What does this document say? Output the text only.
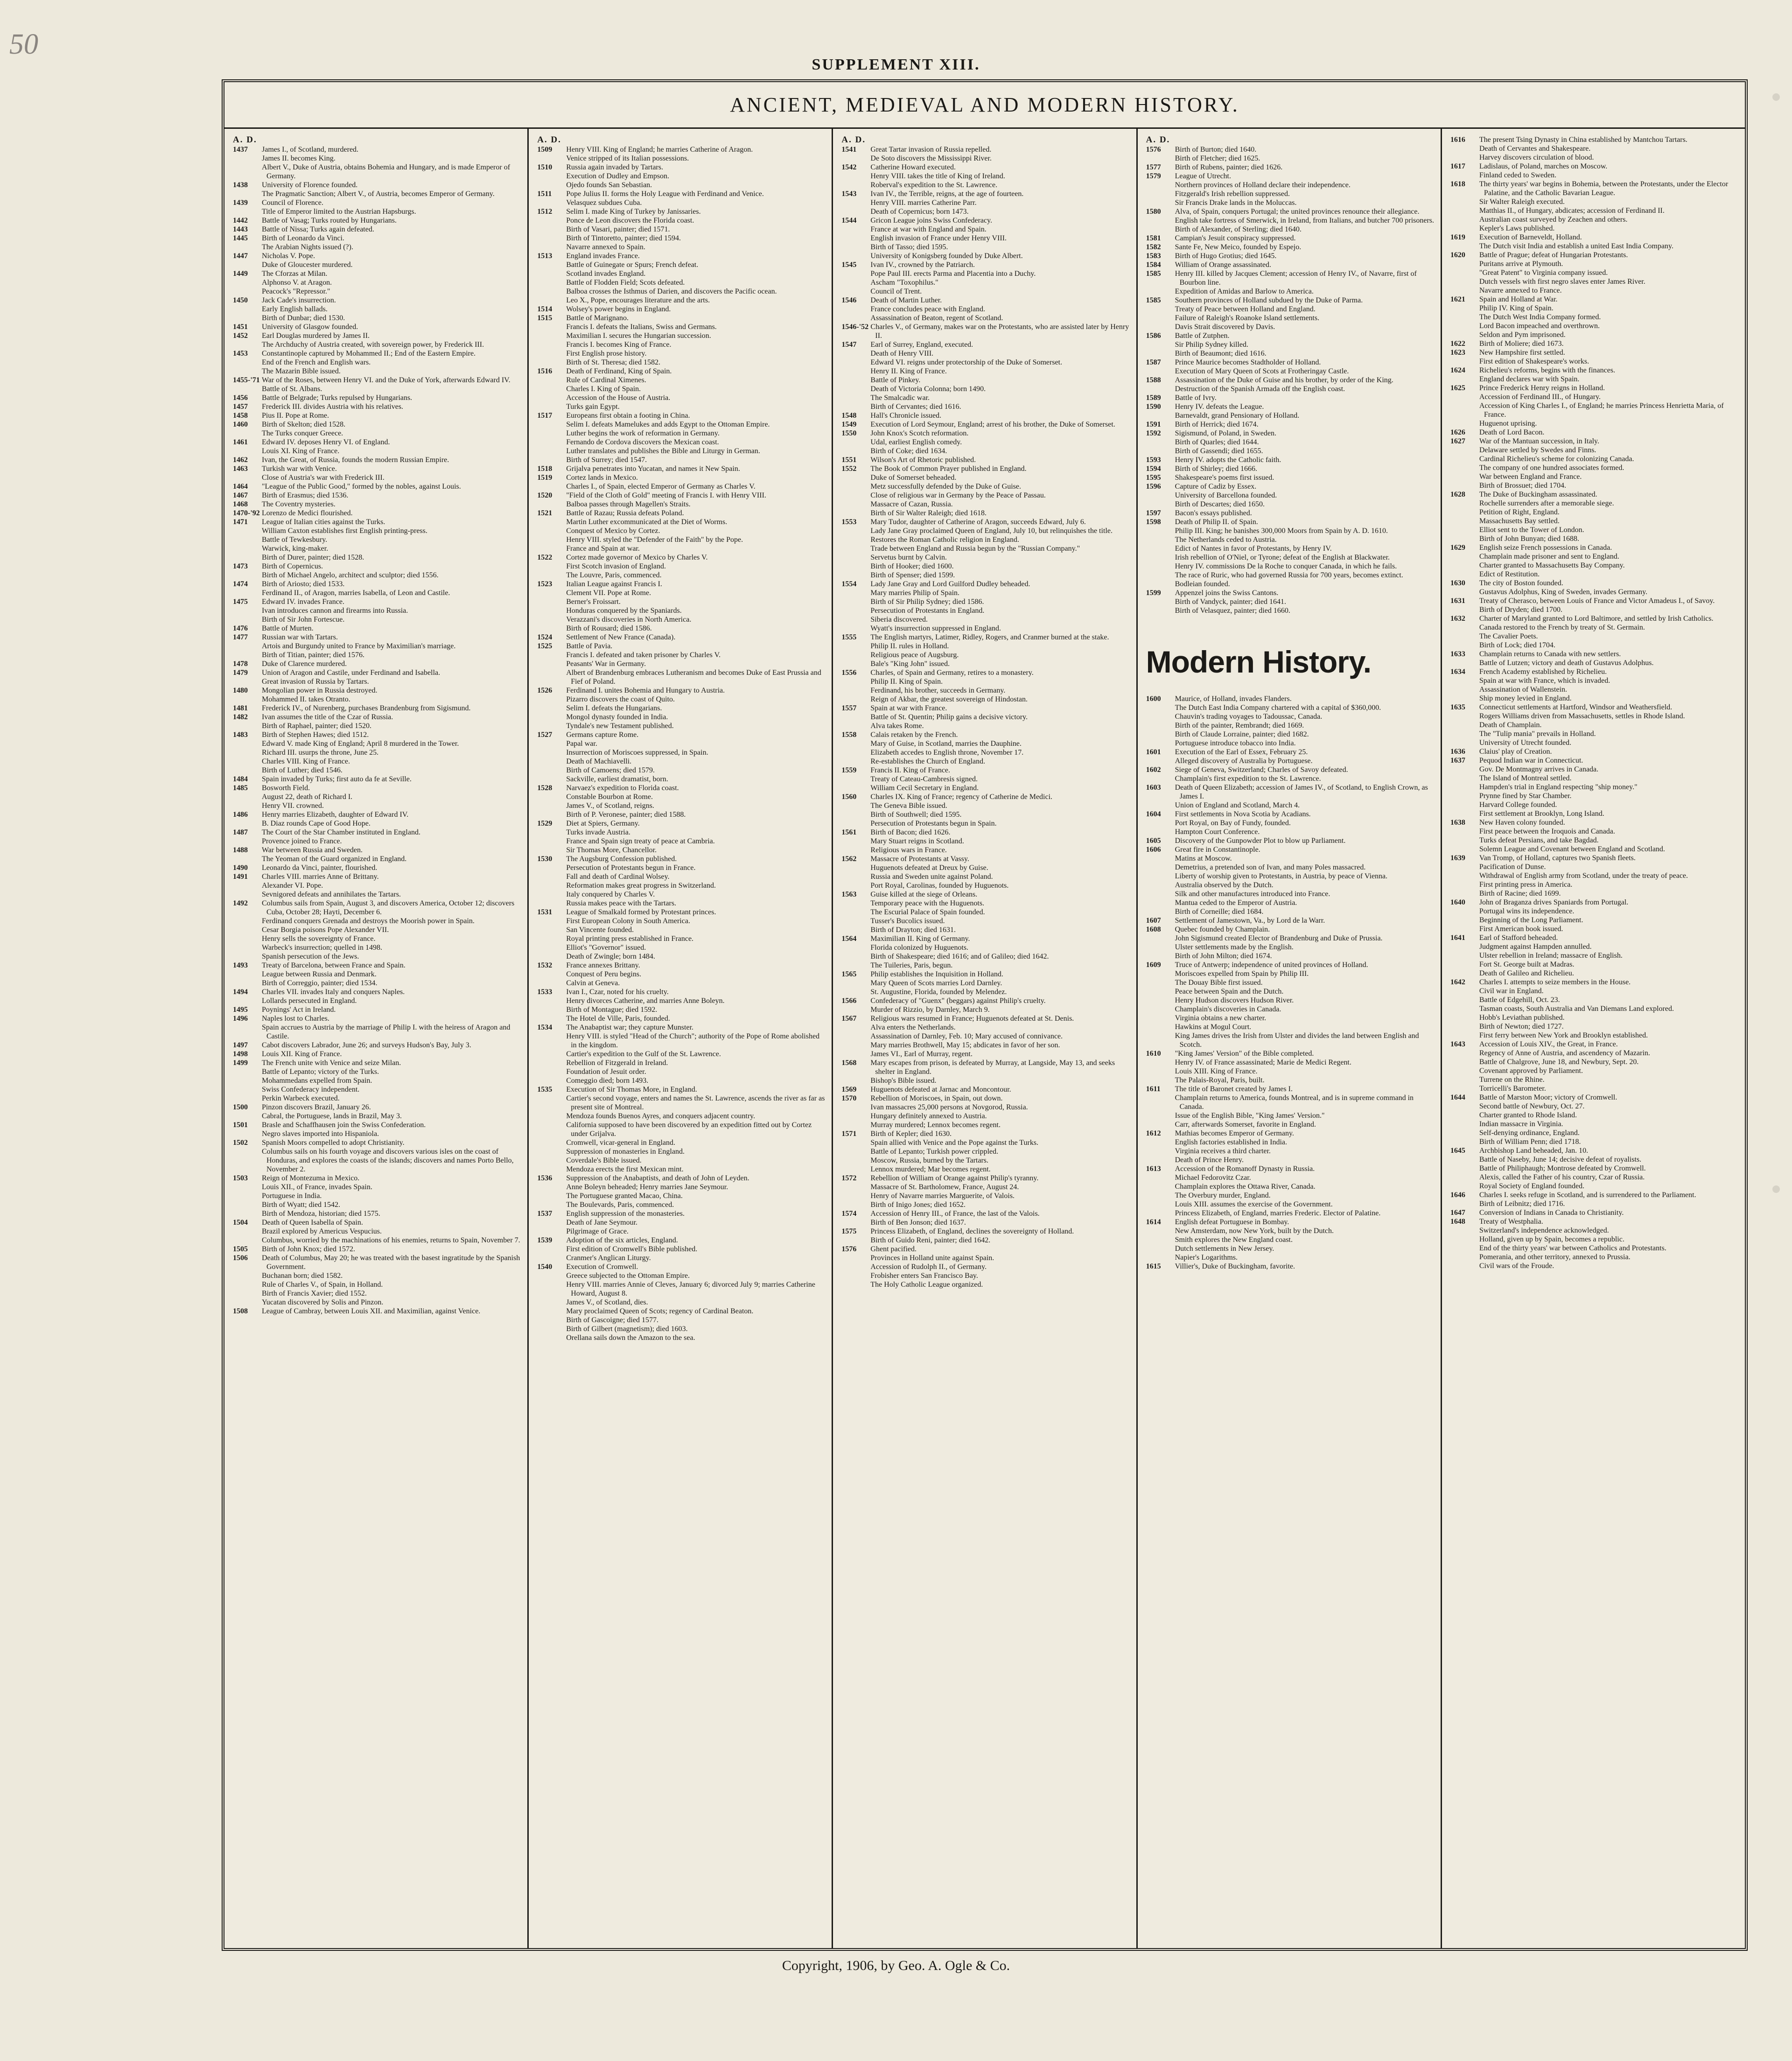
50
SUPPLEMENT XIII.
ANCIENT, MEDIEVAL AND MODERN HISTORY.
A. D.
1437	James I., of Scotland, murdered.
James II. becomes King.
Albert V., Duke of Austria, obtains Bohemia and Hungary, and is made Emperor of Germany.
1438	University of Florence founded.
The Pragmatic Sanction; Albert V., of Austria, becomes Emperor of Germany.
1439	Council of Florence.
Title of Emperor limited to the Austrian Hapsburgs.
1442	Battle of Vasag; Turks routed by Hungarians.
1443	Battle of Nissa; Turks again defeated.
1445	Birth of Leonardo da Vinci.
The Arabian Nights issued (?).
1447	Nicholas V. Pope.
Duke of Gloucester murdered.
1449	The Cforzas at Milan.
Alphonso V. at Aragon.
Peacock's "Repressor."
1450	Jack Cade's insurrection.
Early English ballads.
Birth of Dunbar; died 1530.
1451	University of Glasgow founded.
1452	Earl Douglas murdered by James II.
The Archduchy of Austria created, with sovereign power, by Frederick III.
1453	Constantinople captured by Mohammed II.; End of the Eastern Empire.
End of the French and English wars.
The Mazarin Bible issued.
1455-'71 War of the Roses, between Henry VI. and the Duke of York, afterwards Edward IV.
Battle of St. Albans.
1456	Battle of Belgrade; Turks repulsed by Hungarians.
1457	Frederick III. divides Austria with his relatives.
1458	Pius II. Pope at Rome.
1460	Birth of Skelton; died 1528.
The Turks conquer Greece.
1461	Edward IV. deposes Henry VI. of England.
Louis XI. King of France.
1462	Ivan, the Great, of Russia, founds the modern Russian Empire.
1463	Turkish war with Venice.
Close of Austria's war with Frederick III.
1464	"League of the Public Good," formed by the nobles, against Louis.
1467	Birth of Erasmus; died 1536.
1468	The Coventry mysteries.
1470-'92 Lorenzo de Medici flourished.
1471	League of Italian cities against the Turks.
William Caxton establishes first English printing-press.
Battle of Tewkesbury.
Warwick, king-maker.
Birth of Durer, painter; died 1528.
1473	Birth of Copernicus.
Birth of Michael Angelo, architect and sculptor; died 1556.
1474	Birth of Ariosto; died 1533.
Ferdinand II., of Aragon, marries Isabella, of Leon and Castile.
1475	Edward IV. invades France.
Ivan introduces cannon and firearms into Russia.
Birth of Sir John Fortescue.
1476	Battle of Murten.
1477	Russian war with Tartars.
Artois and Burgundy united to France by Maximilian's marriage.
Birth of Titian, painter; died 1576.
1478	Duke of Clarence murdered.
1479	Union of Aragon and Castile, under Ferdinand and Isabella.
Great invasion of Russia by Tartars.
1480	Mongolian power in Russia destroyed.
Mohammed II. takes Otranto.
1481	Frederick IV., of Nurenberg, purchases Brandenburg from Sigismund.
1482	Ivan assumes the title of the Czar of Russia.
Birth of Raphael, painter; died 1520.
1483	Birth of Stephen Hawes; died 1512.
Edward V. made King of England; April 8 murdered in the Tower.
Richard III. usurps the throne, June 25.
Charles VIII. King of France.
Birth of Luther; died 1546.
1484	Spain invaded by Turks; first auto da fe at Seville.
1485	Bosworth Field.
August 22, death of Richard I.
Henry VII. crowned.
1486	Henry marries Elizabeth, daughter of Edward IV.
B. Diaz rounds Cape of Good Hope.
1487	The Court of the Star Chamber instituted in England.
Provence joined to France.
1488	War between Russia and Sweden.
The Yeoman of the Guard organized in England.
1490	Leonardo da Vinci, painter, flourished.
1491	Charles VIII. marries Anne of Brittany.
Alexander VI. Pope.
Sevnigored defeats and annihilates the Tartars.
1492	Columbus sails from Spain, August 3, and discovers America, October 12; discovers Cuba, October 28; Hayti, December 6.
Ferdinand conquers Grenada and destroys the Moorish power in Spain.
Cesar Borgia poisons Pope Alexander VII.
Henry sells the sovereignty of France.
Warbeck's insurrection; quelled in 1498.
Spanish persecution of the Jews.
1493	Treaty of Barcelona, between France and Spain.
League between Russia and Denmark.
Birth of Correggio, painter; died 1534.
1494	Charles VII. invades Italy and conquers Naples.
Lollards persecuted in England.
1495	Poynings' Act in Ireland.
1496	Naples lost to Charles.
Spain accrues to Austria by the marriage of Philip I. with the heiress of Aragon and Castile.
1497	Cabot discovers Labrador, June 26; and surveys Hudson's Bay, July 3.
1498	Louis XII. King of France.
1499	The French unite with Venice and seize Milan.
Battle of Lepanto; victory of the Turks.
Mohammedans expelled from Spain.
Swiss Confederacy independent.
Perkin Warbeck executed.
1500	Pinzon discovers Brazil, January 26.
Cabral, the Portuguese, lands in Brazil, May 3.
1501	Brasle and Schaffhausen join the Swiss Confederation.
Negro slaves imported into Hispaniola.
1502	Spanish Moors compelled to adopt Christianity.
Columbus sails on his fourth voyage and discovers various isles on the coast of Honduras, and explores the coasts of the islands; discovers and names Porto Bello, November 2.
1503	Reign of Montezuma in Mexico.
Louis XII., of France, invades Spain.
Portuguese in India.
Birth of Wyatt; died 1542.
Birth of Mendoza, historian; died 1575.
1504	Death of Queen Isabella of Spain.
Brazil explored by Americus Vespucius.
Columbus, worried by the machinations of his enemies, returns to Spain, November 7.
1505	Birth of John Knox; died 1572.
1506	Death of Columbus, May 20; he was treated with the basest ingratitude by the Spanish Government.
Buchanan born; died 1582.
Rule of Charles V., of Spain, in Holland.
Birth of Francis Xavier; died 1552.
Yucatan discovered by Solis and Pinzon.
1508	League of Cambray, between Louis XII. and Maximilian, against Venice.
A. D.
1509	Henry VIII. King of England; he marries Catherine of Aragon.
Venice stripped of its Italian possessions.
1510	Russia again invaded by Tartars.
Execution of Dudley and Empson.
Ojedo founds San Sebastian.
1511	Pope Julius II. forms the Holy League with Ferdinand and Venice.
Velasquez subdues Cuba.
1512	Selim I. made King of Turkey by Janissaries.
Ponce de Leon discovers the Florida coast.
Birth of Vasari, painter; died 1571.
Birth of Tintoretto, painter; died 1594.
Navarre annexed to Spain.
1513	England invades France.
Battle of Guinegate or Spurs; French defeat.
Scotland invades England.
Battle of Flodden Field; Scots defeated.
Balboa crosses the Isthmus of Darien, and discovers the Pacific ocean.
Leo X., Pope, encourages literature and the arts.
1514	Wolsey's power begins in England.
1515	Battle of Marignano.
Francis I. defeats the Italians, Swiss and Germans.
Maximilian I. secures the Hungarian succession.
Francis I. becomes King of France.
First English prose history.
Birth of St. Theresa; died 1582.
1516	Death of Ferdinand, King of Spain.
Rule of Cardinal Ximenes.
Charles I. King of Spain.
Accession of the House of Austria.
Turks gain Egypt.
1517	Europeans first obtain a footing in China.
Selim I. defeats Mamelukes and adds Egypt to the Ottoman Empire.
Luther begins the work of reformation in Germany.
Fernando de Cordova discovers the Mexican coast.
Luther translates and publishes the Bible and Liturgy in German.
Birth of Surrey; died 1547.
1518	Grijalva penetrates into Yucatan, and names it New Spain.
1519	Cortez lands in Mexico.
Charles I., of Spain, elected Emperor of Germany as Charles V.
1520	"Field of the Cloth of Gold" meeting of Francis I. with Henry VIII.
Balboa passes through Magellen's Straits.
1521	Battle of Razau; Russia defeats Poland.
Martin Luther excommunicated at the Diet of Worms.
Conquest of Mexico by Cortez.
Henry VIII. styled the "Defender of the Faith" by the Pope.
France and Spain at war.
1522	Cortez made governor of Mexico by Charles V.
First Scotch invasion of England.
The Louvre, Paris, commenced.
1523	Italian League against Francis I.
Clement VII. Pope at Rome.
Berner's Froissart.
Honduras conquered by the Spaniards.
Verazzani's discoveries in North America.
Birth of Rousard; died 1586.
1524	Settlement of New France (Canada).
1525	Battle of Pavia.
Francis I. defeated and taken prisoner by Charles V.
Peasants' War in Germany.
Albert of Brandenburg embraces Lutheranism and becomes Duke of East Prussia and Fief of Poland.
1526	Ferdinand I. unites Bohemia and Hungary to Austria.
Pizarro discovers the coast of Quito.
Selim I. defeats the Hungarians.
Mongol dynasty founded in India.
Tyndale's new Testament published.
1527	Germans capture Rome.
Papal war.
Insurrection of Moriscoes suppressed, in Spain.
Death of Machiavelli.
Birth of Camoens; died 1579.
Sackville, earliest dramatist, born.
1528	Narvaez's expedition to Florida coast.
Constable Bourbon at Rome.
James V., of Scotland, reigns.
Birth of P. Veronese, painter; died 1588.
1529	Diet at Spiers, Germany.
Turks invade Austria.
France and Spain sign treaty of peace at Cambria.
Sir Thomas More, Chancellor.
1530	The Augsburg Confession published.
Persecution of Protestants begun in France.
Fall and death of Cardinal Wolsey.
Reformation makes great progress in Switzerland.
Italy conquered by Charles V.
Russia makes peace with the Tartars.
1531	League of Smalkald formed by Protestant princes.
First European Colony in South America.
San Vincente founded.
Royal printing press established in France.
Elliot's "Governor" issued.
Death of Zwingle; born 1484.
1532	France annexes Brittany.
Conquest of Peru begins.
Calvin at Geneva.
1533	Ivan I., Czar, noted for his cruelty.
Henry divorces Catherine, and marries Anne Boleyn.
Birth of Montague; died 1592.
The Hotel de Ville, Paris, founded.
1534	The Anabaptist war; they capture Munster.
Henry VIII. is styled "Head of the Church"; authority of the Pope of Rome abolished in the kingdom.
Cartier's expedition to the Gulf of the St. Lawrence.
Rebellion of Fitzgerald in Ireland.
Foundation of Jesuit order.
Comeggio died; born 1493.
1535	Execution of Sir Thomas More, in England.
Cartier's second voyage, enters and names the St. Lawrence, ascends the river as far as present site of Montreal.
Mendoza founds Buenos Ayres, and conquers adjacent country.
California supposed to have been discovered by an expedition fitted out by Cortez under Grijalva.
Cromwell, vicar-general in England.
Suppression of monasteries in England.
Coverdale's Bible issued.
Mendoza erects the first Mexican mint.
1536	Suppression of the Anabaptists, and death of John of Leyden.
Anne Boleyn beheaded; Henry marries Jane Seymour.
The Portuguese granted Macao, China.
The Boulevards, Paris, commenced.
1537	English suppression of the monasteries.
Death of Jane Seymour.
Pilgrimage of Grace.
1539	Adoption of the six articles, England.
First edition of Cromwell's Bible published.
Cranmer's Anglican Liturgy.
1540	Execution of Cromwell.
Greece subjected to the Ottoman Empire.
Henry VIII. marries Annie of Cleves, January 6; divorced July 9; marries Catherine Howard, August 8.
James V., of Scotland, dies.
Mary proclaimed Queen of Scots; regency of Cardinal Beaton.
Birth of Gascoigne; died 1577.
Birth of Gilbert (magnetism); died 1603.
Orellana sails down the Amazon to the sea.
A. D.
1541	Great Tartar invasion of Russia repelled.
De Soto discovers the Mississippi River.
1542	Catherine Howard executed.
Henry VIII. takes the title of King of Ireland.
Roberval's expedition to the St. Lawrence.
1543	Ivan IV., the Terrible, reigns, at the age of fourteen.
Henry VIII. marries Catherine Parr.
Death of Copernicus; born 1473.
1544	Gricon League joins Swiss Confederacy.
France at war with England and Spain.
English invasion of France under Henry VIII.
Birth of Tasso; died 1595.
University of Konigsberg founded by Duke Albert.
1545	Ivan IV., crowned by the Patriarch.
Pope Paul III. erects Parma and Placentia into a Duchy.
Ascham "Toxophilus."
Council of Trent.
1546	Death of Martin Luther.
France concludes peace with England.
Assassination of Beaton, regent of Scotland.
1546-'52 Charles V., of Germany, makes war on the Protestants, who are assisted later by Henry II.
1547	Earl of Surrey, England, executed.
Death of Henry VIII.
Edward VI. reigns under protectorship of the Duke of Somerset.
Henry II. King of France.
Battle of Pinkey.
Death of Victoria Colonna; born 1490.
The Smalcadic war.
Birth of Cervantes; died 1616.
1548	Hall's Chronicle issued.
1549	Execution of Lord Seymour, England; arrest of his brother, the Duke of Somerset.
1550	John Knox's Scotch reformation.
Udal, earliest English comedy.
Birth of Coke; died 1634.
1551	Wilson's Art of Rhetoric published.
1552	The Book of Common Prayer published in England.
Duke of Somerset beheaded.
Metz successfully defended by the Duke of Guise.
Close of religious war in Germany by the Peace of Passau.
Massacre of Cazan, Russia.
Birth of Sir Walter Raleigh; died 1618.
1553	Mary Tudor, daughter of Catherine of Aragon, succeeds Edward, July 6.
Lady Jane Gray proclaimed Queen of England, July 10, but relinquishes the title.
Restores the Roman Catholic religion in England.
Trade between England and Russia begun by the "Russian Company."
Servetus burnt by Calvin.
Birth of Hooker; died 1600.
Birth of Spenser; died 1599.
1554	Lady Jane Gray and Lord Guilford Dudley beheaded.
Mary marries Philip of Spain.
Birth of Sir Philip Sydney; died 1586.
Persecution of Protestants in England.
Siberia discovered.
Wyatt's insurrection suppressed in England.
1555	The English martyrs, Latimer, Ridley, Rogers, and Cranmer burned at the stake.
Philip II. rules in Holland.
Religious peace of Augsburg.
Bale's "King John" issued.
1556	Charles, of Spain and Germany, retires to a monastery.
Philip II. King of Spain.
Ferdinand, his brother, succeeds in Germany.
Reign of Akbar, the greatest sovereign of Hindostan.
1557	Spain at war with France.
Battle of St. Quentin; Philip gains a decisive victory.
Alva takes Rome.
1558	Calais retaken by the French.
Mary of Guise, in Scotland, marries the Dauphine.
Elizabeth accedes to English throne, November 17.
Re-establishes the Church of England.
1559	Francis II. King of France.
Treaty of Cateau-Cambresis signed.
William Cecil Secretary in England.
1560	Charles IX. King of France; regency of Catherine de Medici.
The Geneva Bible issued.
Birth of Southwell; died 1595.
Persecution of Protestants begun in Spain.
1561	Birth of Bacon; died 1626.
Mary Stuart reigns in Scotland.
Religious wars in France.
1562	Massacre of Protestants at Vassy.
Huguenots defeated at Dreux by Guise.
Russia and Sweden unite against Poland.
Port Royal, Carolinas, founded by Huguenots.
1563	Guise killed at the siege of Orleans.
Temporary peace with the Huguenots.
The Escurial Palace of Spain founded.
Tusser's Bucolics issued.
Birth of Drayton; died 1631.
1564	Maximilian II. King of Germany.
Florida colonized by Huguenots.
Birth of Shakespeare; died 1616; and of Galileo; died 1642.
The Tuileries, Paris, begun.
1565	Philip establishes the Inquisition in Holland.
Mary Queen of Scots marries Lord Darnley.
St. Augustine, Florida, founded by Melendez.
1566	Confederacy of "Guenx" (beggars) against Philip's cruelty.
Murder of Rizzio, by Darnley, March 9.
1567	Religious wars resumed in France; Huguenots defeated at St. Denis.
Alva enters the Netherlands.
Assassination of Darnley, Feb. 10; Mary accused of connivance.
Mary marries Brothwell, May 15; abdicates in favor of her son.
James VI., Earl of Murray, regent.
1568	Mary escapes from prison, is defeated by Murray, at Langside, May 13, and seeks shelter in England.
Bishop's Bible issued.
1569	Huguenots defeated at Jarnac and Moncontour.
1570	Rebellion of Moriscoes, in Spain, out down.
Ivan massacres 25,000 persons at Novgorod, Russia.
Hungary definitely annexed to Austria.
Murray murdered; Lennox becomes regent.
1571	Birth of Kepler; died 1630.
Spain allied with Venice and the Pope against the Turks.
Battle of Lepanto; Turkish power crippled.
Moscow, Russia, burned by the Tartars.
Lennox murdered; Mar becomes regent.
1572	Rebellion of William of Orange against Philip's tyranny.
Massacre of St. Bartholomew, France, August 24.
Henry of Navarre marries Marguerite, of Valois.
Birth of Inigo Jones; died 1652.
1574	Accession of Henry III., of France, the last of the Valois.
Birth of Ben Jonson; died 1637.
1575	Princess Elizabeth, of England, declines the sovereignty of Holland.
Birth of Guido Reni, painter; died 1642.
1576	Ghent pacified.
Provinces in Holland unite against Spain.
Accession of Rudolph II., of Germany.
Frobisher enters San Francisco Bay.
The Holy Catholic League organized.
A. D.
1576	Birth of Burton; died 1640.
Birth of Fletcher; died 1625.
1577	Birth of Rubens, painter; died 1626.
1579	League of Utrecht.
Northern provinces of Holland declare their independence.
Fitzgerald's Irish rebellion suppressed.
Sir Francis Drake lands in the Moluccas.
1580	Alva, of Spain, conquers Portugal; the united provinces renounce their allegiance.
English take fortress of Smerwick, in Ireland, from Italians, and butcher 700 prisoners.
Birth of Alexander, of Sterling; died 1640.
1581	Campian's Jesuit conspiracy suppressed.
1582	Sante Fe, New Meico, founded by Espejo.
1583	Birth of Hugo Grotius; died 1645.
1584	William of Orange assassinated.
1585	Henry III. killed by Jacques Clement; accession of Henry IV., of Navarre, first of Bourbon line.
Expedition of Amidas and Barlow to America.
1585	Southern provinces of Holland subdued by the Duke of Parma.
Treaty of Peace between Holland and England.
Failure of Raleigh's Roanoke Island settlements.
Davis Strait discovered by Davis.
1586	Battle of Zutphen.
Sir Philip Sydney killed.
Birth of Beaumont; died 1616.
1587	Prince Maurice becomes Stadtholder of Holland.
Execution of Mary Queen of Scots at Frotheringay Castle.
1588	Assassination of the Duke of Guise and his brother, by order of the King.
Destruction of the Spanish Armada off the English coast.
1589	Battle of Ivry.
1590	Henry IV. defeats the League.
Barnevaldt, grand Pensionary of Holland.
1591	Birth of Herrick; died 1674.
1592	Sigismund, of Poland, in Sweden.
Birth of Quarles; died 1644.
Birth of Gassendi; died 1655.
1593	Henry IV. adopts the Catholic faith.
1594	Birth of Shirley; died 1666.
1595	Shakespeare's poems first issued.
1596	Capture of Cadiz by Essex.
University of Barcellona founded.
Birth of Descartes; died 1650.
1597	Bacon's essays published.
1598	Death of Philip II. of Spain.
Philip III. King; he banishes 300,000 Moors from Spain by A. D. 1610.
The Netherlands ceded to Austria.
Edict of Nantes in favor of Protestants, by Henry IV.
Irish rebellion of O'Niel, or Tyrone; defeat of the English at Blackwater.
Henry IV. commissions De la Roche to conquer Canada, in which he fails.
The race of Ruric, who had governed Russia for 700 years, becomes extinct.
Bodleian founded.
1599	Appenzel joins the Swiss Cantons.
Birth of Vandyck, painter; died 1641.
Birth of Velasquez, painter; died 1660.
Modern History.
1600	Maurice, of Holland, invades Flanders.
The Dutch East India Company chartered with a capital of $360,000.
Chauvin's trading voyages to Tadoussac, Canada.
Birth of the painter, Rembrandt; died 1669.
Birth of Claude Lorraine, painter; died 1682.
Portuguese introduce tobacco into India.
1601	Execution of the Earl of Essex, February 25.
Alleged discovery of Australia by Portuguese.
1602	Siege of Geneva, Switzerland; Charles of Savoy defeated.
Champlain's first expedition to the St. Lawrence.
1603	Death of Queen Elizabeth; accession of James IV., of Scotland, to English Crown, as James I.
Union of England and Scotland, March 4.
1604	First settlements in Nova Scotia by Acadians.
Port Royal, on Bay of Fundy, founded.
Hampton Court Conference.
1605	Discovery of the Gunpowder Plot to blow up Parliament.
1606	Great fire in Constantinople.
Matins at Moscow.
Demetrius, a pretended son of Ivan, and many Poles massacred.
Liberty of worship given to Protestants, in Austria, by peace of Vienna.
Australia observed by the Dutch.
Silk and other manufactures introduced into France.
Mantua ceded to the Emperor of Austria.
Birth of Corneille; died 1684.
1607	Settlement of Jamestown, Va., by Lord de la Warr.
1608	Quebec founded by Champlain.
John Sigismund created Elector of Brandenburg and Duke of Prussia.
Ulster settlements made by the English.
Birth of John Milton; died 1674.
1609	Truce of Antwerp; independence of united provinces of Holland.
Moriscoes expelled from Spain by Philip III.
The Douay Bible first issued.
Peace between Spain and the Dutch.
Henry Hudson discovers Hudson River.
Champlain's discoveries in Canada.
Virginia obtains a new charter.
Hawkins at Mogul Court.
King James drives the Irish from Ulster and divides the land between English and Scotch.
1610	"King James' Version" of the Bible completed.
Henry IV. of France assassinated; Marie de Medici Regent.
Louis XIII. King of France.
The Palais-Royal, Paris, built.
1611	The title of Baronet created by James I.
Champlain returns to America, founds Montreal, and is in supreme command in Canada.
Issue of the English Bible, "King James' Version."
Carr, afterwards Somerset, favorite in England.
1612	Mathias becomes Emperor of Germany.
English factories established in India.
Virginia receives a third charter.
Death of Prince Henry.
1613	Accession of the Romanoff Dynasty in Russia.
Michael Fedorovitz Czar.
Champlain explores the Ottawa River, Canada.
The Overbury murder, England.
Louis XIII. assumes the exercise of the Government.
Princess Elizabeth, of England, marries Frederic. Elector of Palatine.
1614	English defeat Portuguese in Bombay.
New Amsterdam, now New York, built by the Dutch.
Smith explores the New England coast.
Dutch settlements in New Jersey.
Napier's Logarithms.
1615	Villier's, Duke of Buckingham, favorite.
1616	The present Tsing Dynasty in China established by Mantchou Tartars.
Death of Cervantes and Shakespeare.
Harvey discovers circulation of blood.
1617	Ladislaus, of Poland, marches on Moscow.
Finland ceded to Sweden.
1618	The thirty years' war begins in Bohemia, between the Protestants, under the Elector Palatine, and the Catholic Bavarian League.
Sir Walter Raleigh executed.
Matthias II., of Hungary, abdicates; accession of Ferdinand II.
Australian coast surveyed by Zeachen and others.
Kepler's Laws published.
1619	Execution of Barneveldt, Holland.
The Dutch visit India and establish a united East India Company.
1620	Battle of Prague; defeat of Hungarian Protestants.
Puritans arrive at Plymouth.
"Great Patent" to Virginia company issued.
Dutch vessels with first negro slaves enter James River.
Navarre annexed to France.
1621	Spain and Holland at War.
Philip IV. King of Spain.
The Dutch West India Company formed.
Lord Bacon impeached and overthrown.
Seldon and Pym imprisoned.
1622	Birth of Moliere; died 1673.
1623	New Hampshire first settled.
First edition of Shakespeare's works.
1624	Richelieu's reforms, begins with the finances.
England declares war with Spain.
1625	Prince Frederick Henry reigns in Holland.
Accession of Ferdinand III., of Hungary.
Accession of King Charles I., of England; he marries Princess Henrietta Maria, of France.
Huguenot uprising.
1626	Death of Lord Bacon.
1627	War of the Mantuan succession, in Italy.
Delaware settled by Swedes and Finns.
Cardinal Richelieu's scheme for colonizing Canada.
The company of one hundred associates formed.
War between England and France.
Birth of Brossuet; died 1704.
1628	The Duke of Buckingham assassinated.
Rochelle surrenders after a memorable siege.
Petition of Right, England.
Massachusetts Bay settled.
Elliot sent to the Tower of London.
Birth of John Bunyan; died 1688.
1629	English seize French possessions in Canada.
Champlain made prisoner and sent to England.
Charter granted to Massachusetts Bay Company.
Edict of Restitution.
1630	The city of Boston founded.
Gustavus Adolphus, King of Sweden, invades Germany.
1631	Treaty of Cherasco, between Louis of France and Victor Amadeus I., of Savoy.
Birth of Dryden; died 1700.
1632	Charter of Maryland granted to Lord Baltimore, and settled by Irish Catholics.
Canada restored to the French by treaty of St. Germain.
The Cavalier Poets.
Birth of Lock; died 1704.
1633	Champlain returns to Canada with new settlers.
Battle of Lutzen; victory and death of Gustavus Adolphus.
1634	French Academy established by Richelieu.
Spain at war with France, which is invaded.
Assassination of Wallenstein.
Ship money levied in England.
1635	Connecticut settlements at Hartford, Windsor and Weathersfield.
Rogers Williams driven from Massachusetts, settles in Rhode Island.
Death of Champlain.
The "Tulip mania" prevails in Holland.
University of Utrecht founded.
1636	Claius' play of Creation.
1637	Pequod Indian war in Connecticut.
Gov. De Montmagny arrives in Canada.
The Island of Montreal settled.
Hampden's trial in England respecting "ship money."
Prynne fined by Star Chamber.
Harvard College founded.
First settlement at Brooklyn, Long Island.
1638	New Haven colony founded.
First peace between the Iroquois and Canada.
Turks defeat Persians, and take Bagdad.
Solemn League and Covenant between England and Scotland.
1639	Van Tromp, of Holland, captures two Spanish fleets.
Pacification of Dunse.
Withdrawal of English army from Scotland, under the treaty of peace.
First printing press in America.
Birth of Racine; died 1699.
1640	John of Braganza drives Spaniards from Portugal.
Portugal wins its independence.
Beginning of the Long Parliament.
First American book issued.
1641	Earl of Stafford beheaded.
Judgment against Hampden annulled.
Ulster rebellion in Ireland; massacre of English.
Fort St. George built at Madras.
Death of Galileo and Richelieu.
1642	Charles I. attempts to seize members in the House.
Civil war in England.
Battle of Edgehill, Oct. 23.
Tasman coasts, South Australia and Van Diemans Land explored.
Hobb's Leviathan published.
Birth of Newton; died 1727.
First ferry between New York and Brooklyn established.
1643	Accession of Louis XIV., the Great, in France.
Regency of Anne of Austria, and ascendency of Mazarin.
Battle of Chalgrove, June 18, and Newbury, Sept. 20.
Covenant approved by Parliament.
Turrene on the Rhine.
Torricelli's Barometer.
1644	Battle of Marston Moor; victory of Cromwell.
Second battle of Newbury, Oct. 27.
Charter granted to Rhode Island.
Indian massacre in Virginia.
Self-denying ordinance, England.
Birth of William Penn; died 1718.
1645	Archbishop Land beheaded, Jan. 10.
Battle of Naseby, June 14; decisive defeat of royalists.
Battle of Philiphaugh; Montrose defeated by Cromwell.
Alexis, called the Father of his country, Czar of Russia.
Royal Society of England founded.
1646	Charles I. seeks refuge in Scotland, and is surrendered to the Parliament.
Birth of Leibnitz; died 1716.
1647	Conversion of Indians in Canada to Christianity.
1648	Treaty of Westphalia.
Switzerland's independence acknowledged.
Holland, given up by Spain, becomes a republic.
End of the thirty years' war between Catholics and Protestants.
Pomerania, and other territory, annexed to Prussia.
Civil wars of the Froude.
Copyright, 1906, by Geo. A. Ogle & Co.
